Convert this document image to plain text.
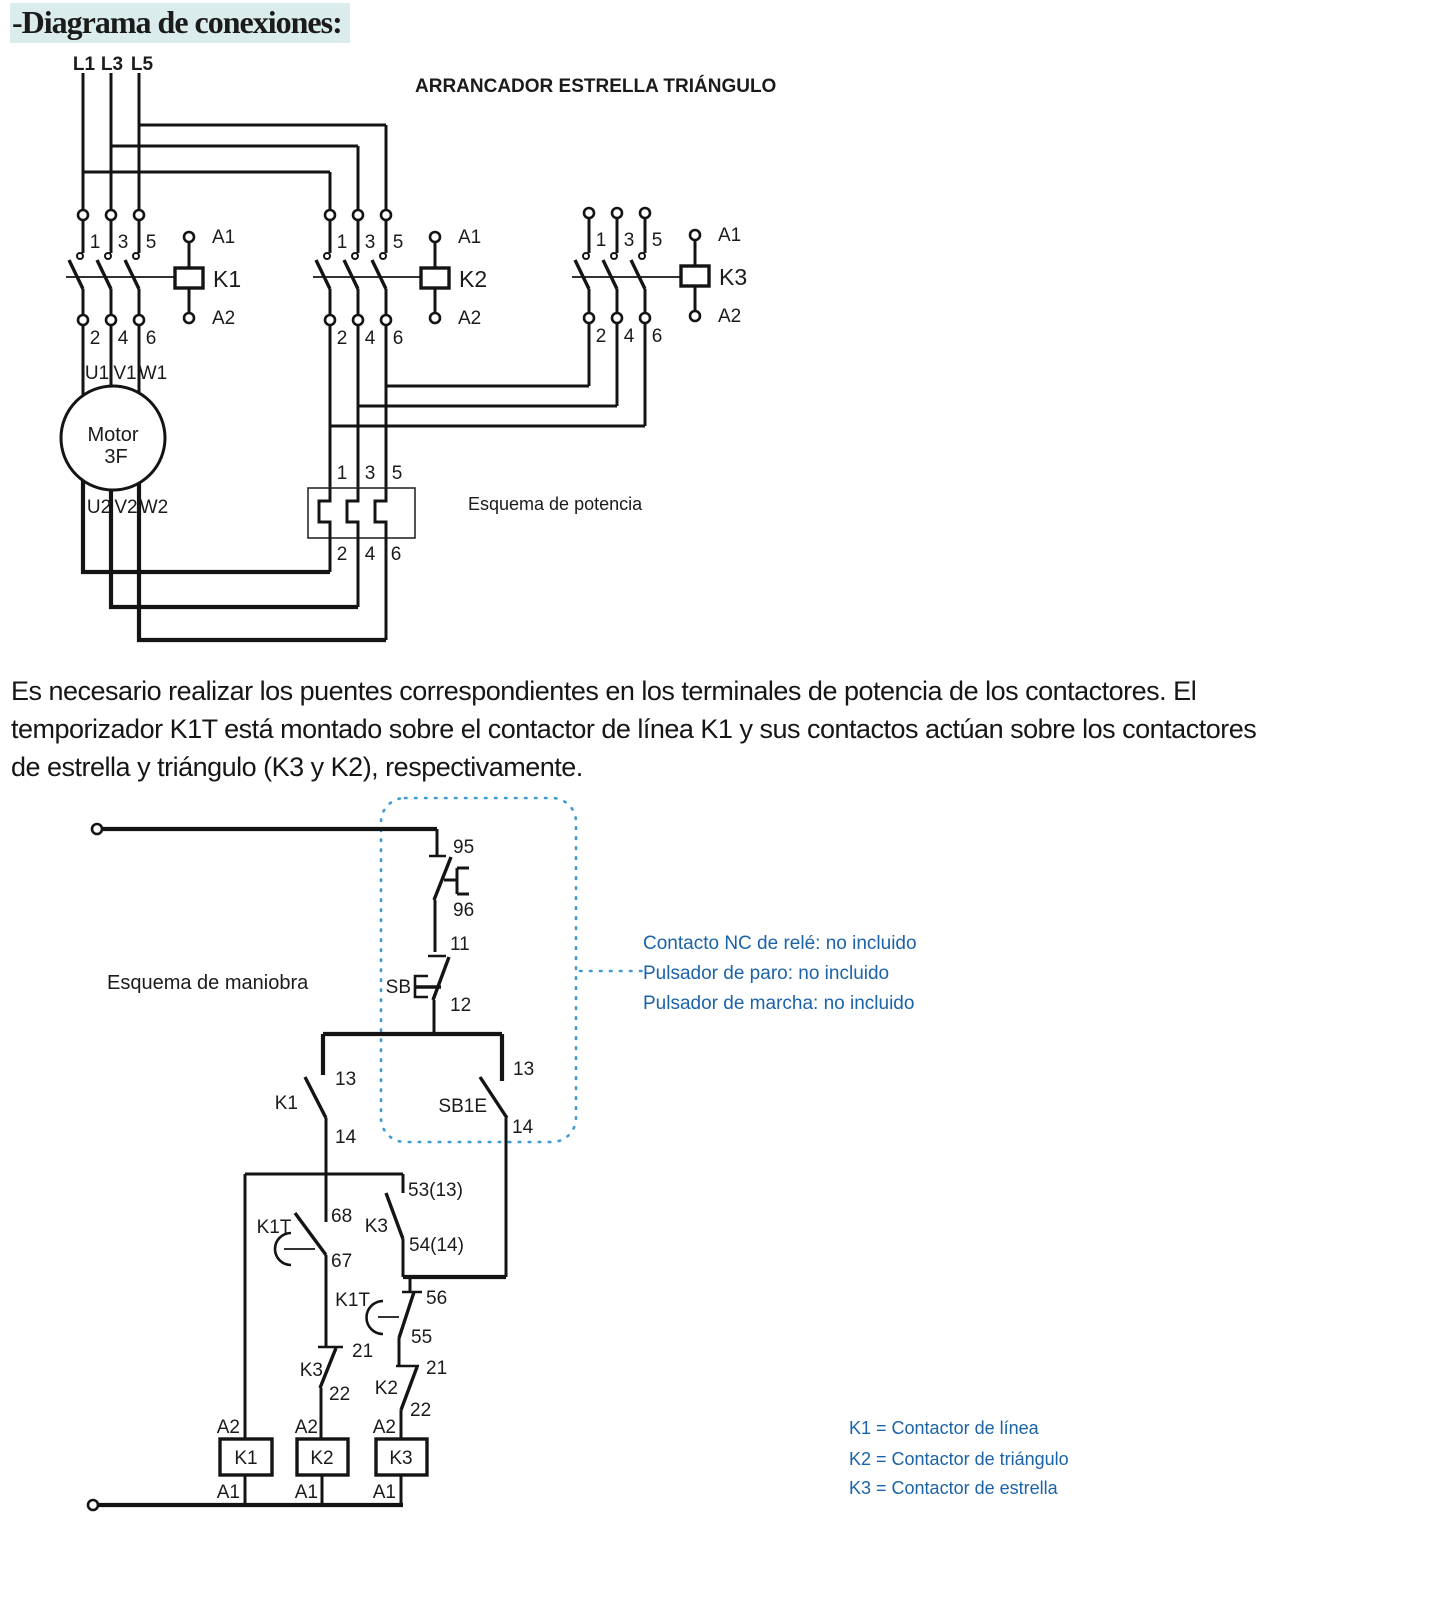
-Diagrama de conexiones:
ARRANCADOR ESTRELLA TRIÁNGULO
L1 L3 L5
1 3 5
2 4 6
A1
A2
K1
1 3 5
2 4 6
A1
A2
K2
1 3 5
2 4 6
A1
A2
K3
1 3 5
2 4 6
U1 V1 W1
Motor
3F
U2 V2 W2	Esquema de potencia
Es necesario realizar los puentes correspondientes en los terminales de potencia de los contactores. El
temporizador K1T está montado sobre el contactor de línea K1 y sus contactos actúan sobre los contactores
de estrella y triángulo (K3 y K2), respectivamente.
95
96
11
SB
12
13
K1
14
13
SB1E
14
53(13)
K3
54(14)
68
K1T
67
56
K1T
55
21
K3
22
21
K2
22
A2
K1
A1
A2
K2
A1
A2
K3
A1
Esquema de maniobra
Contacto NC de relé: no incluido
Pulsador de paro: no incluido
Pulsador de marcha: no incluido
K1 = Contactor de línea
K2 = Contactor de triángulo
K3 = Contactor de estrella
